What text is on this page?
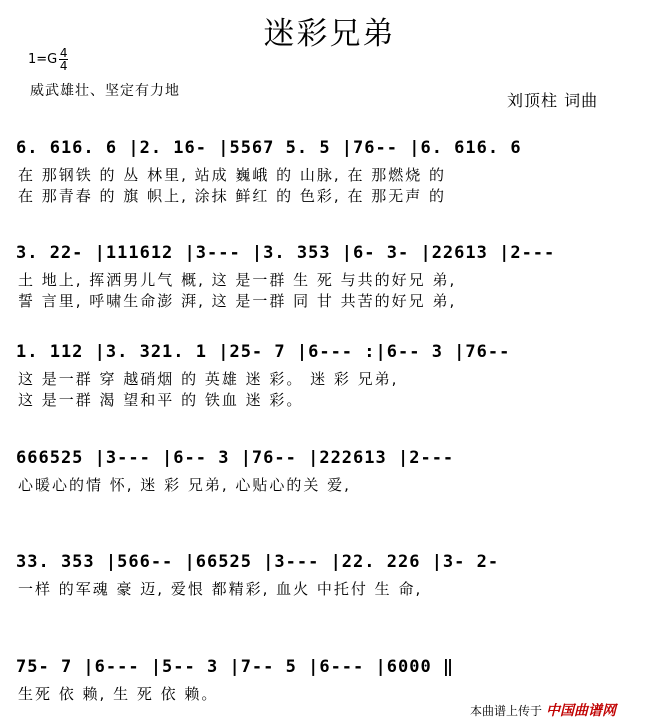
迷彩兄弟
$1=G \frac{4}{4}$
威武雄壮、坚定有力地	刘顶柱 词曲
6. 616. 6 |2. 16- |5567 5. 5 |76-- |6. 616. 6
在 那钢铁 的 丛 林里, 站成 巍峨 的 山脉, 在 那燃烧 的
在 那青春 的 旗 帜上, 涂抹 鲜红 的 色彩, 在 那无声 的
3. 22- |111612 |3--- |3. 353 |6- 3- |22613 |2---
土 地上, 挥洒男儿气 概, 这 是一群 生 死 与共的好兄 弟,
誓 言里, 呼啸生命澎 湃, 这 是一群 同 甘 共苦的好兄 弟,
1. 112 |3. 321. 1 |25- 7 |6--- :|6-- 3 |76--
这 是一群 穿 越硝烟 的 英雄 迷 彩。 迷 彩 兄弟,
这 是一群 渴 望和平 的 铁血 迷 彩。
666525 |3--- |6-- 3 |76-- |222613 |2---
心暖心的情 怀, 迷 彩 兄弟, 心贴心的关 爱,
33. 353 |566-- |66525 |3--- |22. 226 |3- 2-
一样 的军魂 豪 迈, 爱恨 都精彩, 血火 中托付 生 命,
75- 7 |6--- |5-- 3 |7-- 5 |6--- |6000 ‖
生死 依 赖, 生 死 依 赖。
本曲谱上传于 中国曲谱网
